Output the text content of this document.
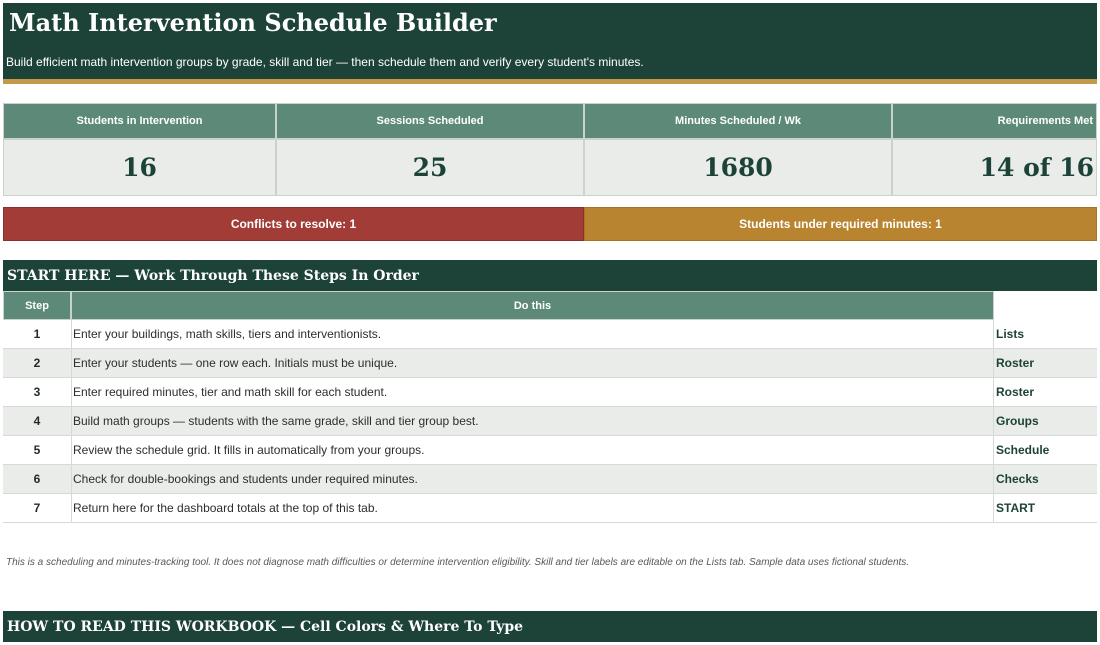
Math Intervention Schedule Builder
Build efficient math intervention groups by grade, skill and tier — then schedule them and verify every student's minutes.
Students in Intervention
16
Sessions Scheduled
25
Minutes Scheduled / Wk
1680
Requirements Met
14 of 16
Conflicts to resolve: 1	Students under required minutes: 1
START HERE — Work Through These Steps In Order
Step	Do this
1	Enter your buildings, math skills, tiers and interventionists.	Lists
2	Enter your students — one row each. Initials must be unique.	Roster
3	Enter required minutes, tier and math skill for each student.	Roster
4	Build math groups — students with the same grade, skill and tier group best.	Groups
5	Review the schedule grid. It fills in automatically from your groups.	Schedule
6	Check for double-bookings and students under required minutes.	Checks
7	Return here for the dashboard totals at the top of this tab.	START
This is a scheduling and minutes-tracking tool. It does not diagnose math difficulties or determine intervention eligibility. Skill and tier labels are editable on the Lists tab. Sample data uses fictional students.
HOW TO READ THIS WORKBOOK — Cell Colors & Where To Type
